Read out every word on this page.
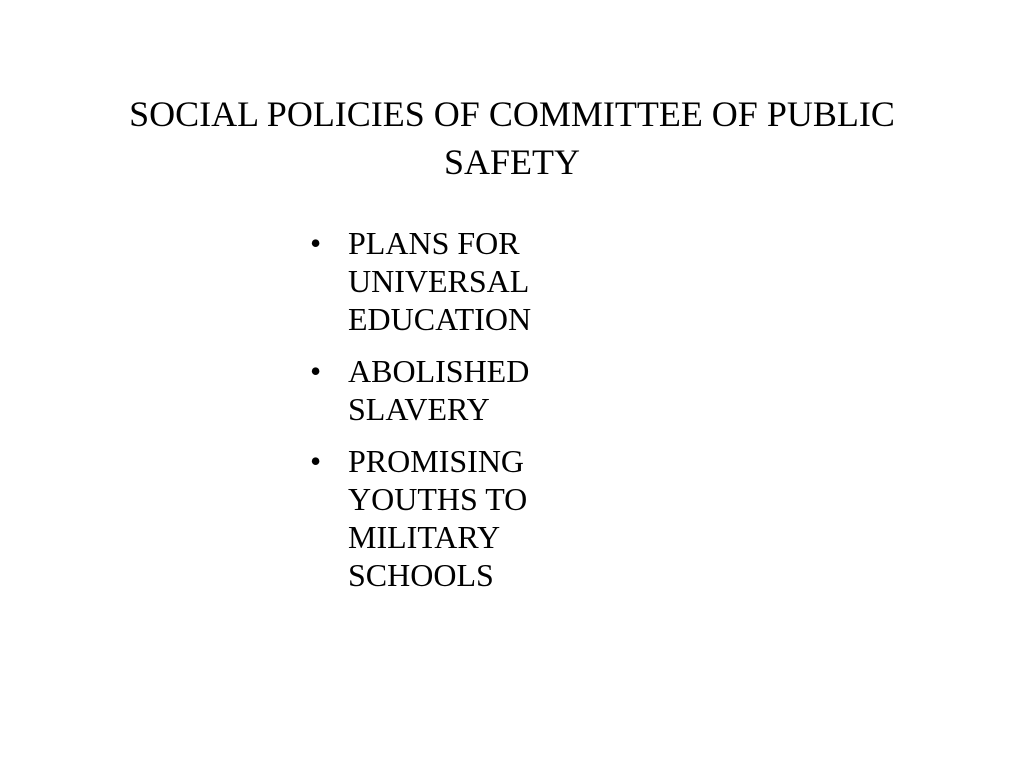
SOCIAL POLICIES OF COMMITTEE OF PUBLIC
SAFETY
• PLANS FOR
UNIVERSAL
EDUCATION
• ABOLISHED
SLAVERY
• PROMISING
YOUTHS TO
MILITARY
SCHOOLS
